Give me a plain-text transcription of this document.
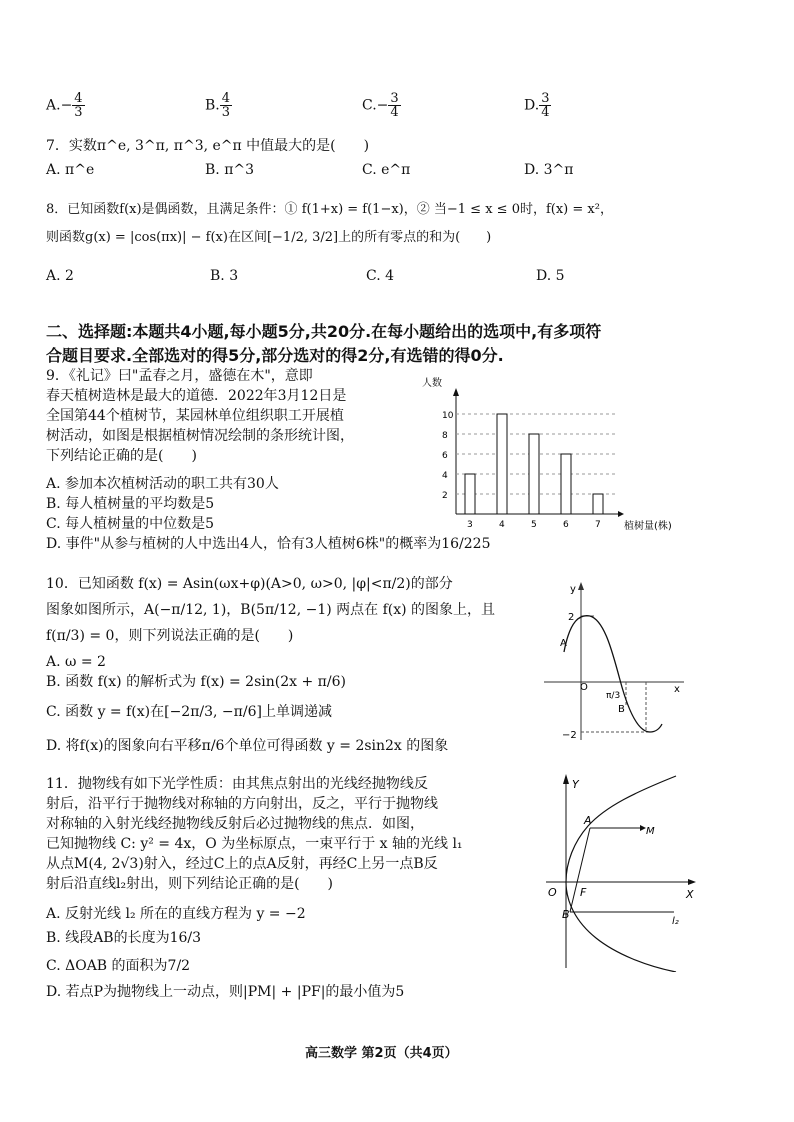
$A.- \frac{4}{3}$	B. $\frac{4}{3}$	$C.- \frac{3}{4}$	D. $\frac{3}{4}$
7．实数π^e, 3^π, π^3, e^π 中值最大的是(　　)
A. π^e	B. π^3	C. e^π	D. 3^π
8．已知函数f(x)是偶函数，且满足条件：① f(1+x) = f(1−x)，② 当−1 ≤ x ≤ 0时，f(x) = x²，
则函数g(x) = |cos(πx)| − f(x)在区间[−1/2, 3/2]上的所有零点的和为(　　)
A. 2	B. 3	C. 4	D. 5
二、选择题:本题共4小题,每小题5分,共20分.在每小题给出的选项中,有多项符
合题目要求.全部选对的得5分,部分选对的得2分,有选错的得0分.
9．《礼记》曰"孟春之月，盛德在木"，意即
春天植树造林是最大的道德．2022年3月12日是
全国第44个植树节，某园林单位组织职工开展植
树活动，如图是根据植树情况绘制的条形统计图，
下列结论正确的是(　　)
A. 参加本次植树活动的职工共有30人
B. 每人植树量的平均数是5
C. 每人植树量的中位数是5
D. 事件"从参与植树的人中选出4人，恰有3人植树6株"的概率为16/225
人数
2
4
6
8
10
3	4	5	6	7 植树量(株)
10．已知函数 f(x) = Asin(ωx+φ)(A>0, ω>0, |φ|<π/2)的部分
图象如图所示，A(−π/12, 1)，B(5π/12, −1) 两点在 f(x) 的图象上，且
f(π/3) = 0，则下列说法正确的是(　　)
A. ω = 2
B. 函数 f(x) 的解析式为 f(x) = 2sin(2x + π/6)
C. 函数 y = f(x)在[−2π/3, −π/6]上单调递减
D. 将f(x)的图象向右平移π/6个单位可得函数 y = 2sin2x 的图象
y
x
O
A
B
2
−2
π/3
11．抛物线有如下光学性质：由其焦点射出的光线经抛物线反
射后，沿平行于抛物线对称轴的方向射出，反之，平行于抛物线
对称轴的入射光线经抛物线反射后必过抛物线的焦点．如图，
已知抛物线 C: y² = 4x，O 为坐标原点，一束平行于 x 轴的光线 l₁
从点M(4, 2√3)射入，经过C上的点A反射，再经C上另一点B反
射后沿直线l₂射出，则下列结论正确的是(　　)
A. 反射光线 l₂ 所在的直线方程为 y = −2
B. 线段AB的长度为16/3
C. ΔOAB 的面积为7/2
D. 若点P为抛物线上一动点，则|PM| + |PF|的最小值为5
Y
X
O
A
B
F
M
l₂
高三数学 第2页（共4页）
